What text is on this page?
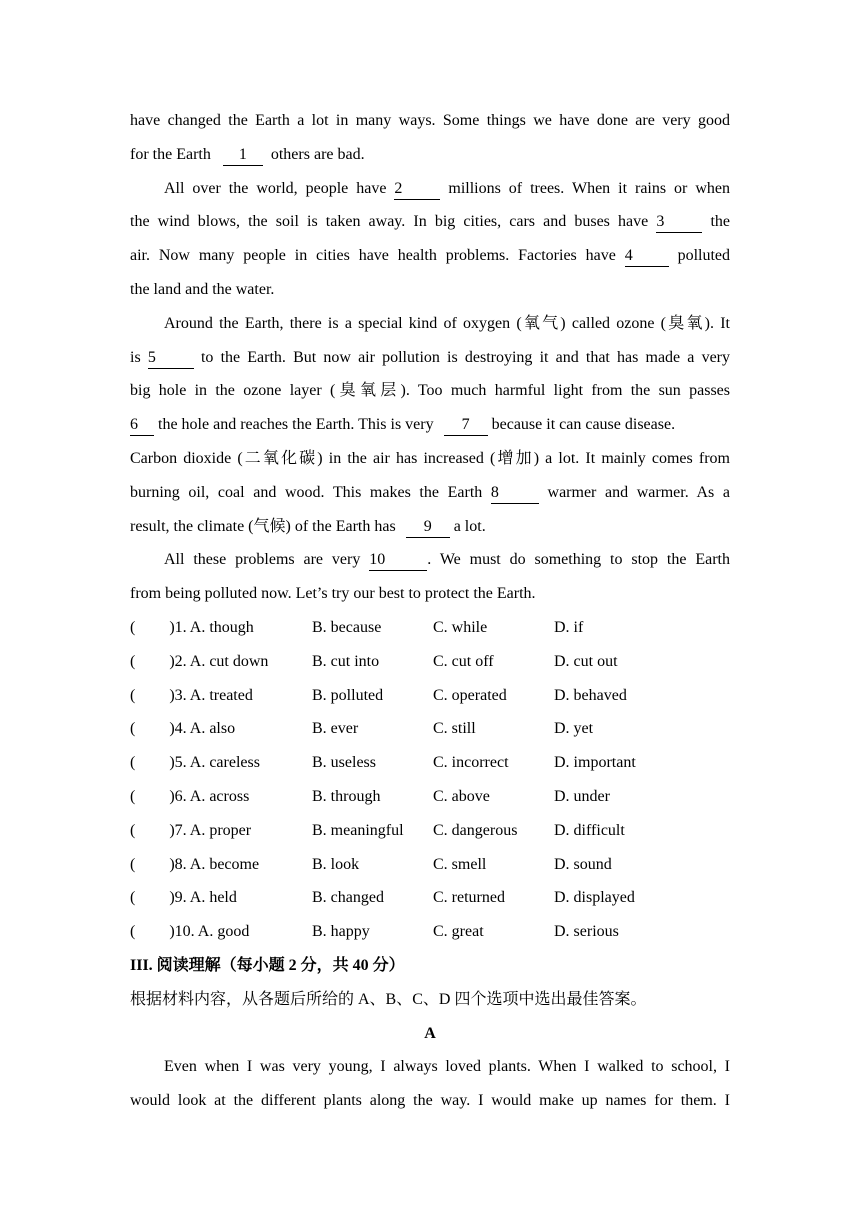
have changed the Earth a lot in many ways. Some things we have done are very good
for the Earth 1 others are bad.
All over the world, people have 2 millions of trees. When it rains or when
the wind blows, the soil is taken away. In big cities, cars and buses have 3 the
air. Now many people in cities have health problems. Factories have 4 polluted
the land and the water.
Around the Earth, there is a special kind of oxygen (氧气) called ozone (臭氧). It
is 5 to the Earth. But now air pollution is destroying it and that has made a very
big hole in the ozone layer (臭氧层). Too much harmful light from the sun passes
6 the hole and reaches the Earth. This is very 7 because it can cause disease.
Carbon dioxide (二氧化碳) in the air has increased (增加) a lot. It mainly comes from
burning oil, coal and wood. This makes the Earth 8	warmer and warmer. As a
result, the climate (气候) of the Earth has 9 a lot.
All these problems are very 10	. We must do something to stop the Earth
from being polluted now. Let’s try our best to protect the Earth.
( )1. A. though	B. because	C. while	D. if
( )2. A. cut down	B. cut into	C. cut off	D. cut out
( )3. A. treated	B. polluted	C. operated	D. behaved
( )4. A. also	B. ever	C. still	D. yet
( )5. A. careless	B. useless	C. incorrect	D. important
( )6. A. across	B. through	C. above	D. under
( )7. A. proper	B. meaningful	C. dangerous	D. difficult
( )8. A. become	B. look	C. smell	D. sound
( )9. A. held	B. changed	C. returned	D. displayed
( )10. A. good	B. happy	C. great	D. serious
III. 阅读理解（每小题 2 分，共 40 分）
根据材料内容，从各题后所给的 A、B、C、D 四个选项中选出最佳答案。
A
Even when I was very young, I always loved plants. When I walked to school, I
would look at the different plants along the way. I would make up names for them. I
